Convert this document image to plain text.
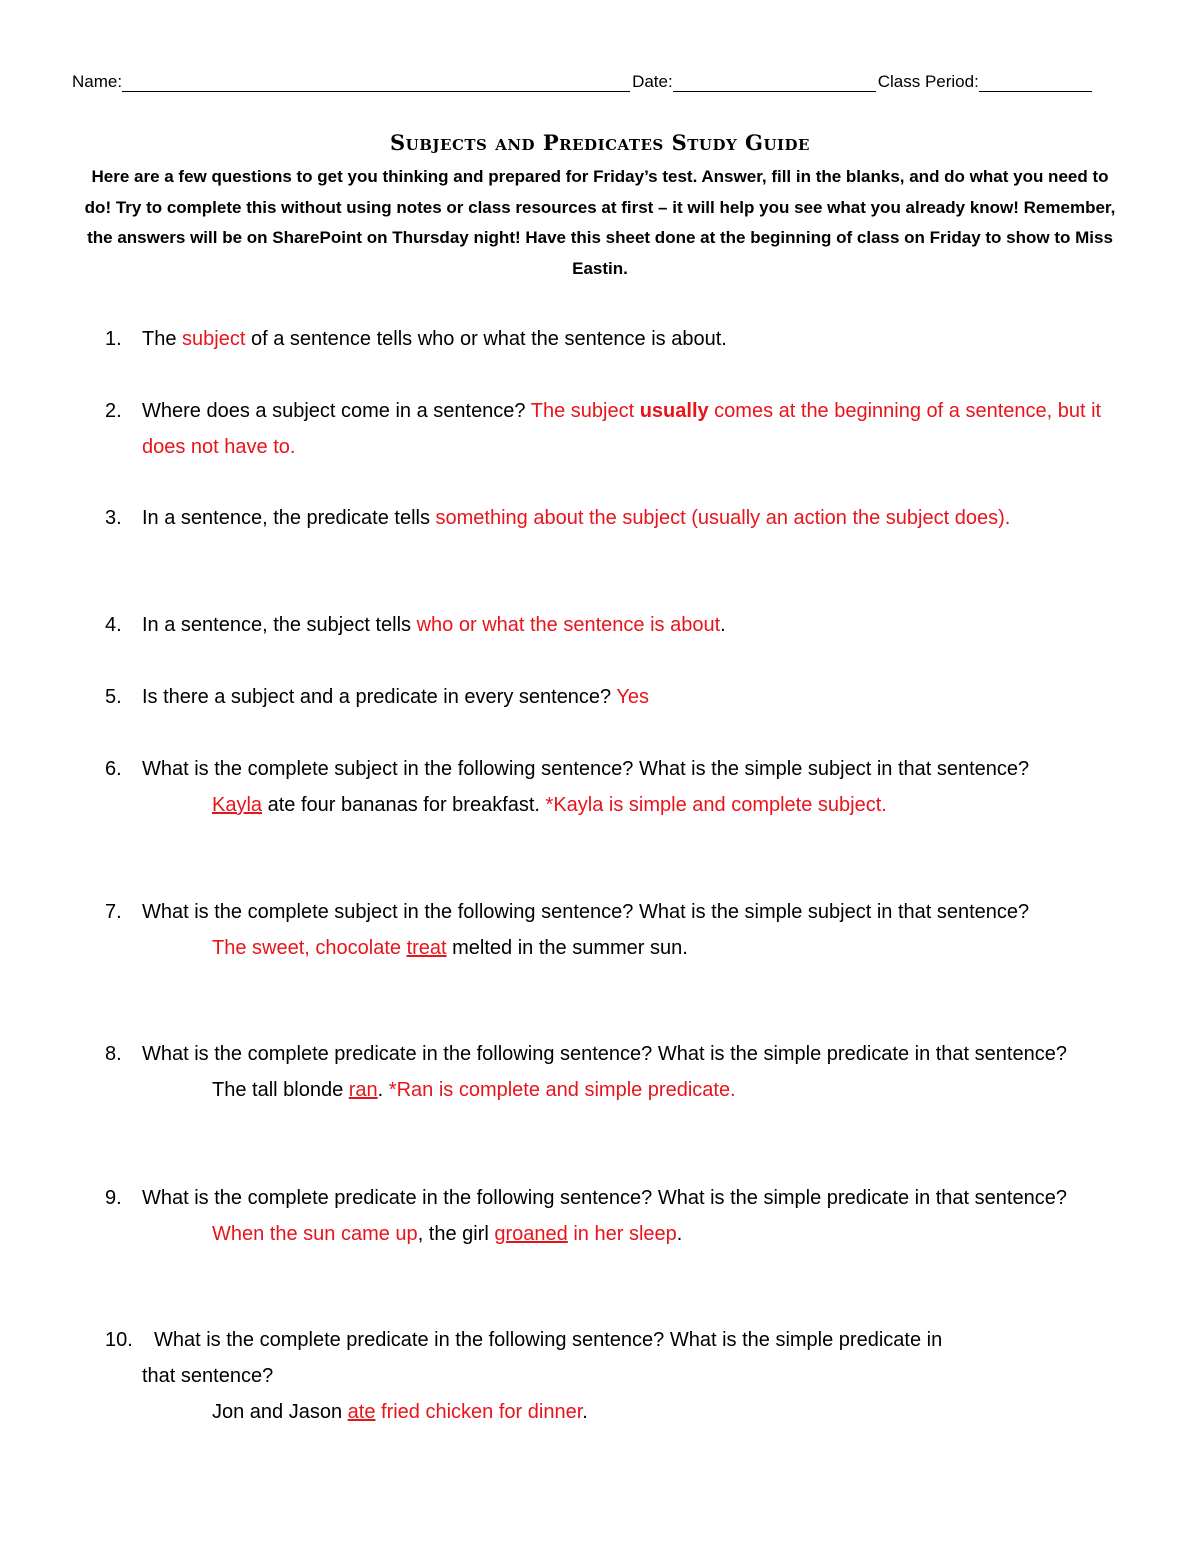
Name:	Date:	Class Period:
Subjects and Predicates Study Guide
Here are a few questions to get you thinking and prepared for Friday’s test. Answer, fill in the blanks, and do what you need to do! Try to complete this without using notes or class resources at first – it will help you see what you already know! Remember, the answers will be on SharePoint on Thursday night! Have this sheet done at the beginning of class on Friday to show to Miss Eastin.
1. The subject of a sentence tells who or what the sentence is about.
2. Where does a subject come in a sentence? The subject usually comes at the beginning of a sentence, but it does not have to.
3. In a sentence, the predicate tells something about the subject (usually an action the subject does).
4. In a sentence, the subject tells who or what the sentence is about.
5. Is there a subject and a predicate in every sentence? Yes
6. What is the complete subject in the following sentence? What is the simple subject in that sentence?
Kayla ate four bananas for breakfast. *Kayla is simple and complete subject.
7. What is the complete subject in the following sentence? What is the simple subject in that sentence?
The sweet, chocolate treat melted in the summer sun.
8. What is the complete predicate in the following sentence? What is the simple predicate in that sentence?
The tall blonde ran. *Ran is complete and simple predicate.
9. What is the complete predicate in the following sentence? What is the simple predicate in that sentence?
When the sun came up, the girl groaned in her sleep.
10. What is the complete predicate in the following sentence? What is the simple predicate in
that sentence?
Jon and Jason ate fried chicken for dinner.
